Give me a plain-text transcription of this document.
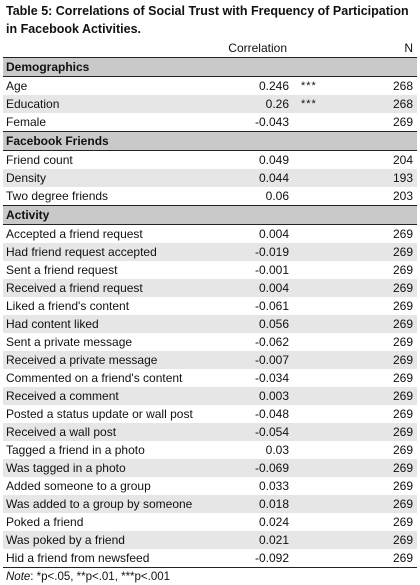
Table 5: Correlations of Social Trust with Frequency of Participation in Facebook Activities.
	Correlation		N
Demographics			
Age	0.246	***	268
Education	0.26	***	268
Female	-0.043		269
Facebook Friends			
Friend count	0.049		204
Density	0.044		193
Two degree friends	0.06		203
Activity			
Accepted a friend request	0.004		269
Had friend request accepted	-0.019		269
Sent a friend request	-0.001		269
Received a friend request	0.004		269
Liked a friend's content	-0.061		269
Had content liked	0.056		269
Sent a private message	-0.062		269
Received a private message	-0.007		269
Commented on a friend's content	-0.034		269
Received a comment	0.003		269
Posted a status update or wall post	-0.048		269
Received a wall post	-0.054		269
Tagged a friend in a photo	0.03		269
Was tagged in a photo	-0.069		269
Added someone to a group	0.033		269
Was added to a group by someone	0.018		269
Poked a friend	0.024		269
Was poked by a friend	0.021		269
Hid a friend from newsfeed	-0.092		269
Note: *p<.05, **p<.01, ***p<.001
